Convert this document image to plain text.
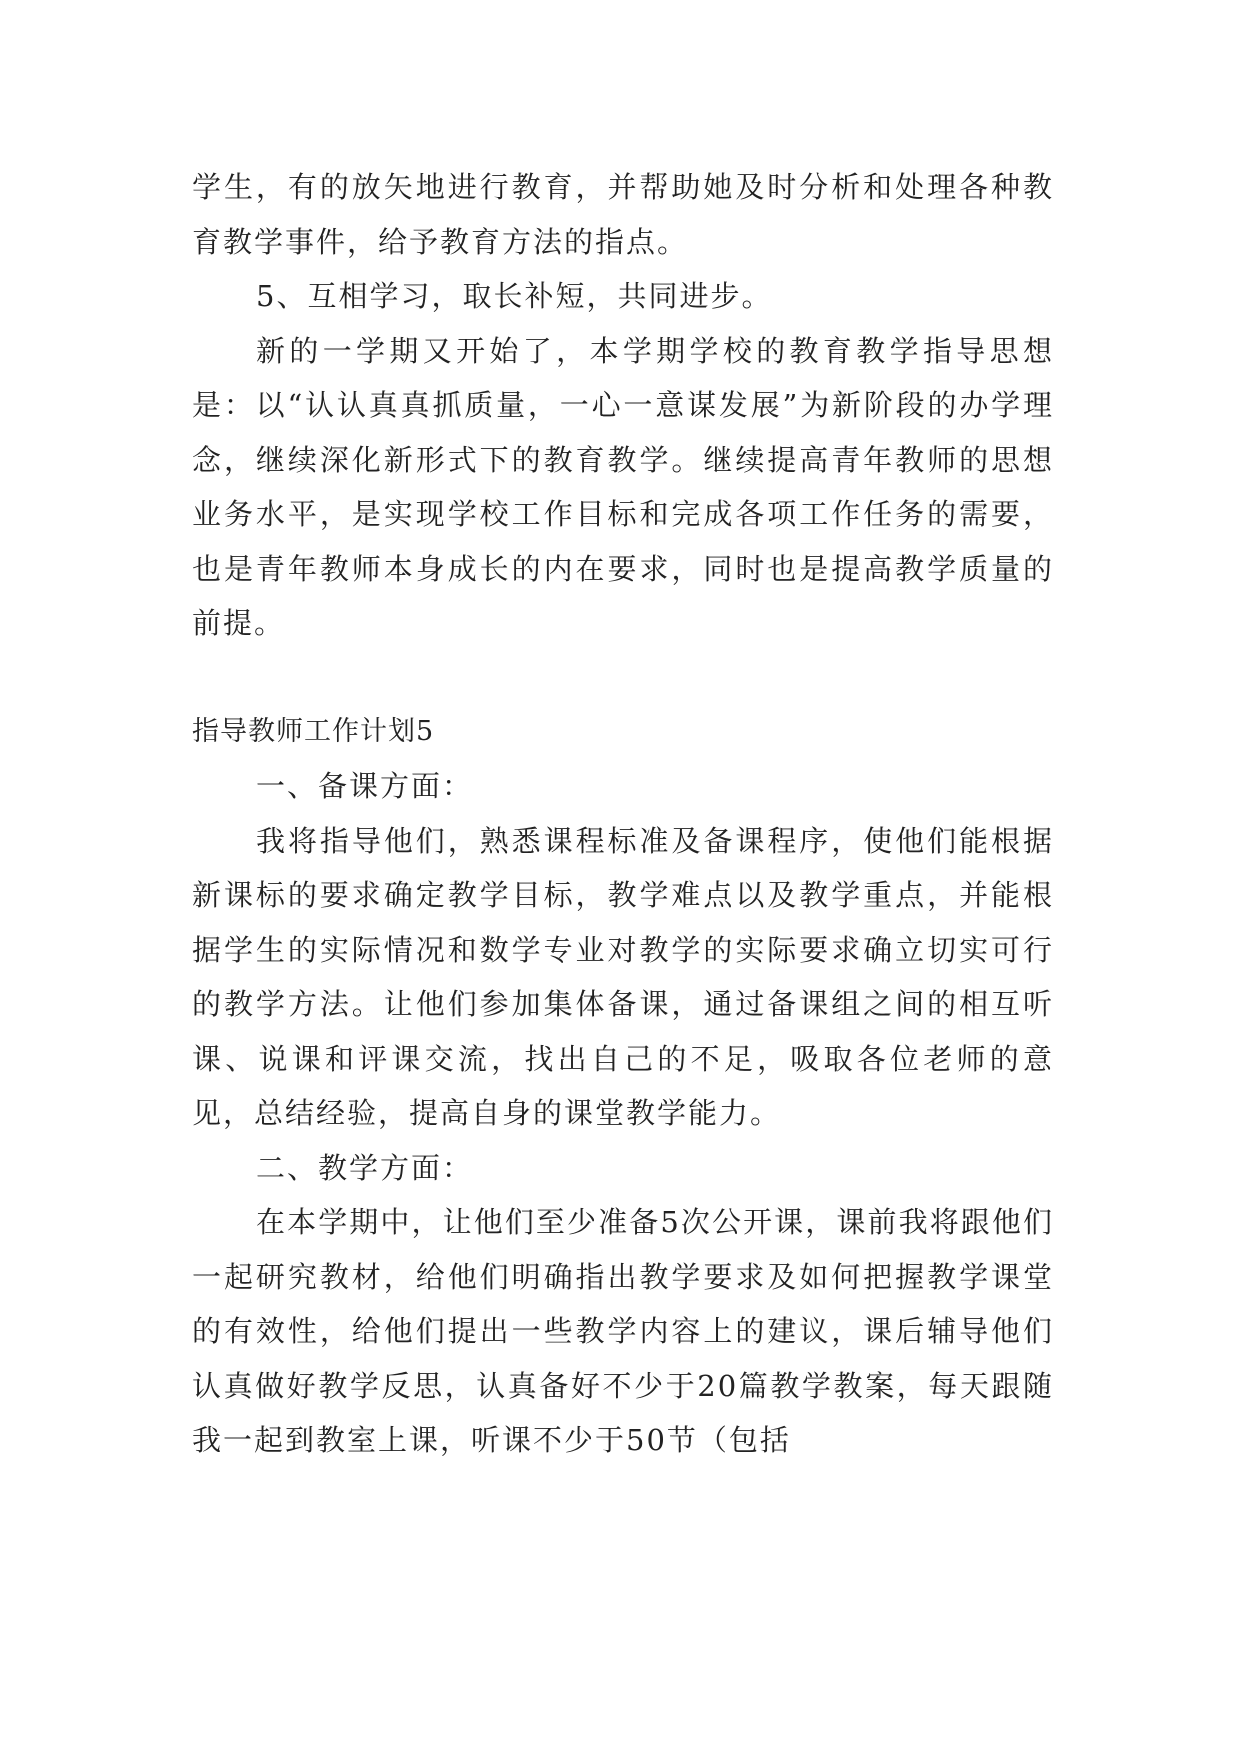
学生，有的放矢地进行教育，并帮助她及时分析和处理各种教育教学事件，给予教育方法的指点。

5、互相学习，取长补短，共同进步。

新的一学期又开始了，本学期学校的教育教学指导思想是：以“认认真真抓质量，一心一意谋发展”为新阶段的办学理念，继续深化新形式下的教育教学。继续提高青年教师的思想业务水平，是实现学校工作目标和完成各项工作任务的需要，也是青年教师本身成长的内在要求，同时也是提高教学质量的前提。

指导教师工作计划5

一、备课方面：

我将指导他们，熟悉课程标准及备课程序，使他们能根据新课标的要求确定教学目标，教学难点以及教学重点，并能根据学生的实际情况和数学专业对教学的实际要求确立切实可行的教学方法。让他们参加集体备课，通过备课组之间的相互听课、说课和评课交流，找出自己的不足，吸取各位老师的意见，总结经验，提高自身的课堂教学能力。

二、教学方面：

在本学期中，让他们至少准备5次公开课，课前我将跟他们一起研究教材，给他们明确指出教学要求及如何把握教学课堂的有效性，给他们提出一些教学内容上的建议，课后辅导他们认真做好教学反思，认真备好不少于20篇教学教案，每天跟随我一起到教室上课，听课不少于50节（包括
